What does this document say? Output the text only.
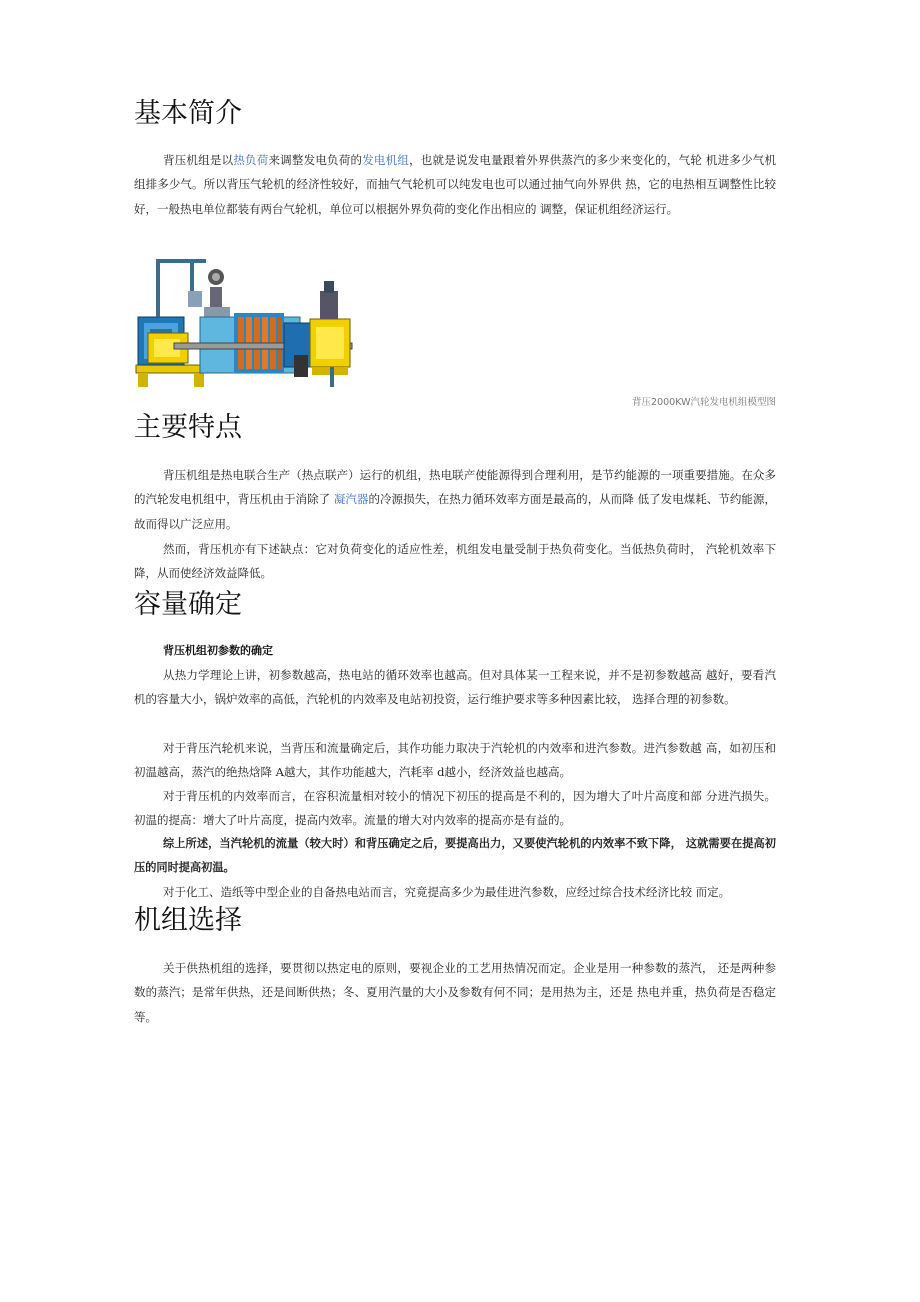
基本简介

背压机组是以热负荷来调整发电负荷的发电机组，也就是说发电量跟着外界供蒸汽的多少来变化的，气轮 机进多少气机组排多少气。所以背压气轮机的经济性较好，而抽气气轮机可以纯发电也可以通过抽气向外界供 热，它的电热相互调整性比较好，一般热电单位都装有两台气轮机，单位可以根据外界负荷的变化作出相应的 调整，保证机组经济运行。

背压2000KW汽轮发电机组模型图
主要特点

背压机组是热电联合生产（热点联产）运行的机组，热电联产使能源得到合理利用，是节约能源的一项重要措施。在众多的汽轮发电机组中，背压机由于消除了 凝汽器的冷源损失，在热力循环效率方面是最高的，从而降 低了发电煤耗、节约能源，故而得以广泛应用。

然而，背压机亦有下述缺点：它对负荷变化的适应性差，机组发电量受制于热负荷变化。当低热负荷时， 汽轮机效率下降，从而使经济效益降低。

容量确定
背压机组初参数的确定

从热力学理论上讲，初参数越高，热电站的循环效率也越高。但对具体某一工程来说，并不是初参数越高 越好，要看汽机的容量大小，锅炉效率的高低，汽轮机的内效率及电站初投资，运行维护要求等多种因素比较， 选择合理的初参数。

对于背压汽轮机来说，当背压和流量确定后，其作功能力取决于汽轮机的内效率和进汽参数。进汽参数越 高，如初压和初温越高，蒸汽的绝热焓降 A越大，其作功能越大，汽耗率 d越小，经济效益也越高。

对于背压机的内效率而言，在容积流量相对较小的情况下初压的提高是不利的，因为增大了叶片高度和部 分进汽损失。初温的提高：增大了叶片高度，提高内效率。流量的增大对内效率的提高亦是有益的。

综上所述，当汽轮机的流量（较大时）和背压确定之后，要提高出力，又要使汽轮机的内效率不致下降， 这就需要在提高初压的同时提高初温。

对于化工、造纸等中型企业的自备热电站而言，究竟提高多少为最佳进汽参数，应经过综合技术经济比较 而定。

机组选择

关于供热机组的选择，要贯彻以热定电的原则，要视企业的工艺用热情况而定。企业是用一种参数的蒸汽， 还是两种参数的蒸汽；是常年供热，还是间断供热；冬、夏用汽量的大小及参数有何不同；是用热为主，还是 热电并重，热负荷是否稳定等。
